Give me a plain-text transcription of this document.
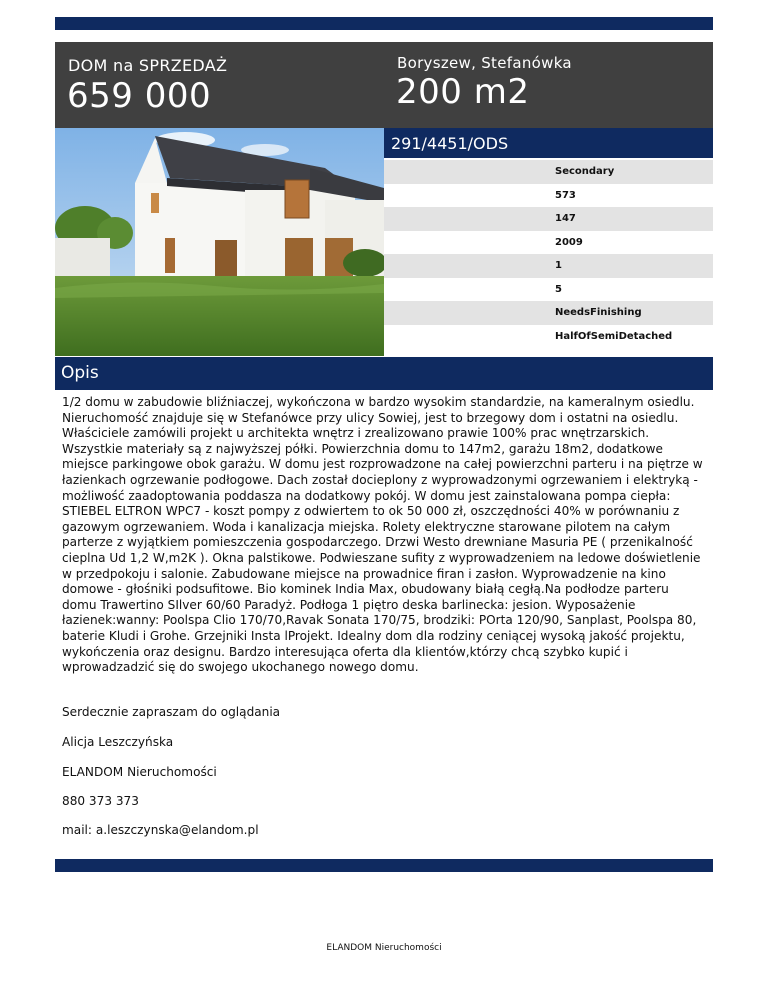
DOM na SPRZEDAŻ
659 000
Boryszew, Stefanówka
200 m2
291/4451/ODS
Secondary
573
147
2009
1
5
NeedsFinishing
HalfOfSemiDetached
Opis
1/2 domu w zabudowie bliźniaczej, wykończona w bardzo wysokim standardzie, na kameralnym osiedlu. Nieruchomość znajduje się w Stefanówce przy ulicy Sowiej, jest to brzegowy dom i ostatni na osiedlu. Właściciele zamówili projekt u architekta wnętrz i zrealizowano prawie 100% prac wnętrzarskich. Wszystkie materiały są z najwyższej półki. Powierzchnia domu to 147m2, garażu 18m2, dodatkowe miejsce parkingowe obok garażu. W domu jest rozprowadzone na całej powierzchni parteru i na piętrze w łazienkach ogrzewanie podłogowe. Dach został docieplony z wyprowadzonymi ogrzewaniem i elektryką - możliwość zaadoptowania poddasza na dodatkowy pokój. W domu jest zainstalowana pompa ciepła: STIEBEL ELTRON WPC7 - koszt pompy z odwiertem to ok 50 000 zł, oszczędności 40% w porównaniu z gazowym ogrzewaniem. Woda i kanalizacja miejska. Rolety elektryczne starowane pilotem na całym parterze z wyjątkiem pomieszczenia gospodarczego. Drzwi Westo drewniane Masuria PE ( przenikalność cieplna Ud 1,2 W,m2K ). Okna palstikowe. Podwieszane sufity z wyprowadzeniem na ledowe doświetlenie w przedpokoju i salonie. Zabudowane miejsce na prowadnice firan i zasłon. Wyprowadzenie na kino domowe - głośniki podsufitowe. Bio kominek India Max, obudowany białą cegłą.Na podłodze parteru domu Trawertino SIlver 60/60 Paradyż. Podłoga 1 piętro deska barlinecka: jesion. Wyposażenie łazienek:wanny: Poolspa Clio 170/70,Ravak Sonata 170/75, brodziki: POrta 120/90, Sanplast, Poolspa 80, baterie Kludi i Grohe. Grzejniki Insta lProjekt. Idealny dom dla rodziny ceniącej wysoką jakość projektu, wykończenia oraz designu. Bardzo interesująca oferta dla klientów,którzy chcą szybko kupić i wprowadzadzić się do swojego ukochanego nowego domu.
Serdecznie zapraszam do oglądania
Alicja Leszczyńska
ELANDOM Nieruchomości
880 373 373
mail: a.leszczynska@elandom.pl
ELANDOM Nieruchomości
